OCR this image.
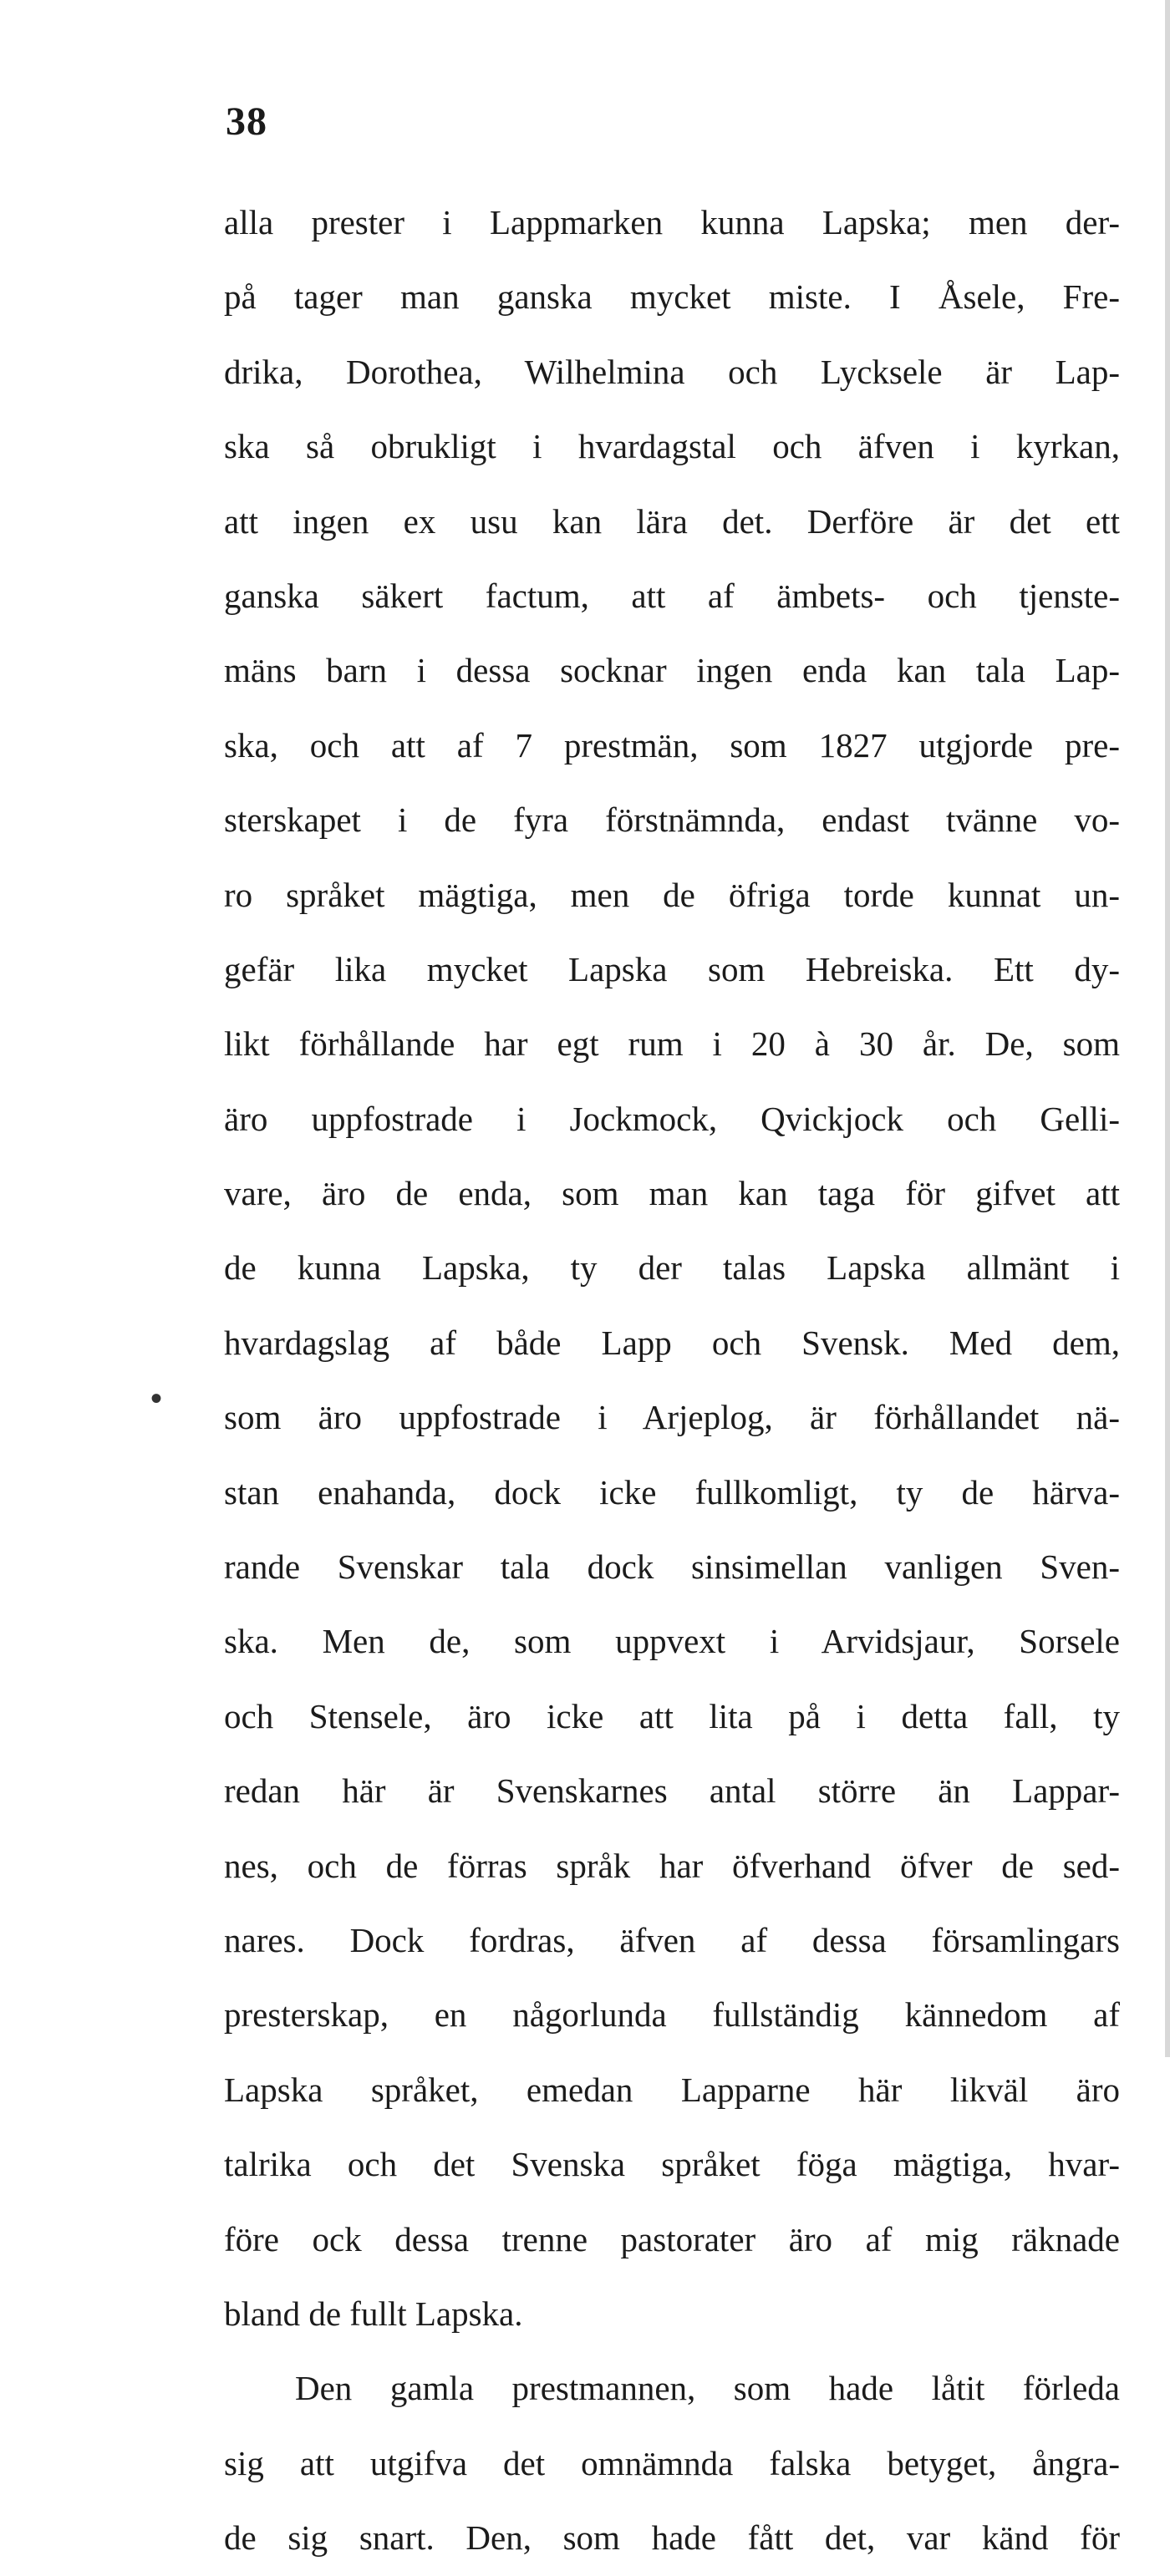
38
•
alla prester i Lappmarken kunna Lapska; men der-
på tager man ganska mycket miste. I Åsele, Fre-
drika, Dorothea, Wilhelmina och Lycksele är Lap-
ska så obrukligt i hvardagstal och äfven i kyrkan,
att ingen ex usu kan lära det. Derföre är det ett
ganska säkert factum, att af ämbets- och tjenste-
mäns barn i dessa socknar ingen enda kan tala Lap-
ska, och att af 7 prestmän, som 1827 utgjorde pre-
sterskapet i de fyra förstnämnda, endast tvänne vo-
ro språket mägtiga, men de öfriga torde kunnat un-
gefär lika mycket Lapska som Hebreiska. Ett dy-
likt förhållande har egt rum i 20 à 30 år. De, som
äro uppfostrade i Jockmock, Qvickjock och Gelli-
vare, äro de enda, som man kan taga för gifvet att
de kunna Lapska, ty der talas Lapska allmänt i
hvardagslag af både Lapp och Svensk. Med dem,
som äro uppfostrade i Arjeplog, är förhållandet nä-
stan enahanda, dock icke fullkomligt, ty de härva-
rande Svenskar tala dock sinsimellan vanligen Sven-
ska. Men de, som uppvext i Arvidsjaur, Sorsele
och Stensele, äro icke att lita på i detta fall, ty
redan här är Svenskarnes antal större än Lappar-
nes, och de förras språk har öfverhand öfver de sed-
nares. Dock fordras, äfven af dessa församlingars
presterskap, en någorlunda fullständig kännedom af
Lapska språket, emedan Lapparne här likväl äro
talrika och det Svenska språket föga mägtiga, hvar-
före ock dessa trenne pastorater äro af mig räknade
bland de fullt Lapska.
Den gamla prestmannen, som hade låtit förleda
sig att utgifva det omnämnda falska betyget, ångra-
de sig snart. Den, som hade fått det, var känd för
